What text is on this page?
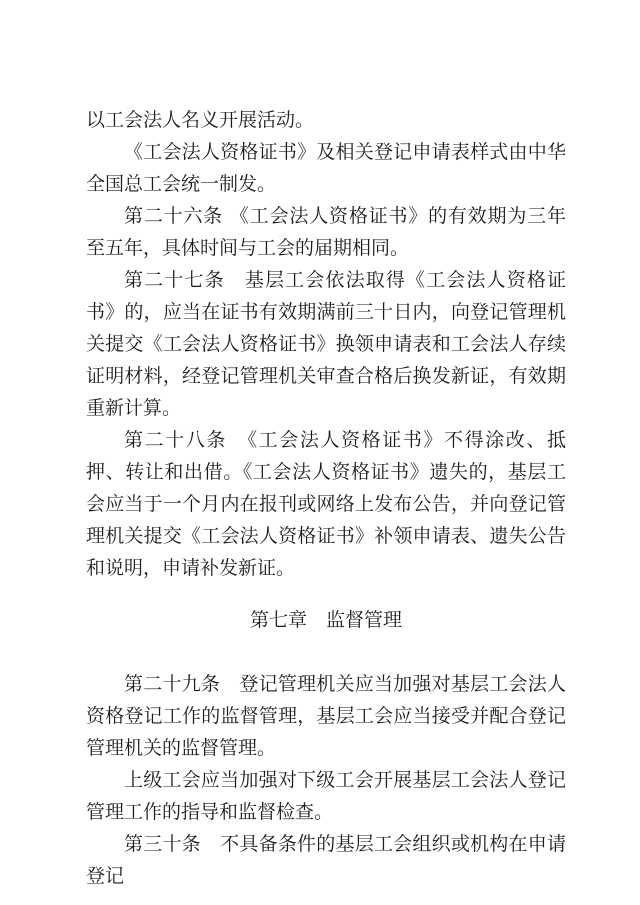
以工会法人名义开展活动。

《工会法人资格证书》及相关登记申请表样式由中华全国总工会统一制发。

第二十六条 《工会法人资格证书》的有效期为三年至五年，具体时间与工会的届期相同。

第二十七条　基层工会依法取得《工会法人资格证书》的，应当在证书有效期满前三十日内，向登记管理机关提交《工会法人资格证书》换领申请表和工会法人存续证明材料，经登记管理机关审查合格后换发新证，有效期重新计算。

第二十八条　《工会法人资格证书》不得涂改、抵押、转让和出借。《工会法人资格证书》遗失的，基层工会应当于一个月内在报刊或网络上发布公告，并向登记管理机关提交《工会法人资格证书》补领申请表、遗失公告和说明，申请补发新证。

第七章　监督管理

第二十九条　登记管理机关应当加强对基层工会法人资格登记工作的监督管理，基层工会应当接受并配合登记管理机关的监督管理。

上级工会应当加强对下级工会开展基层工会法人登记管理工作的指导和监督检查。

第三十条　不具备条件的基层工会组织或机构在申请登记
